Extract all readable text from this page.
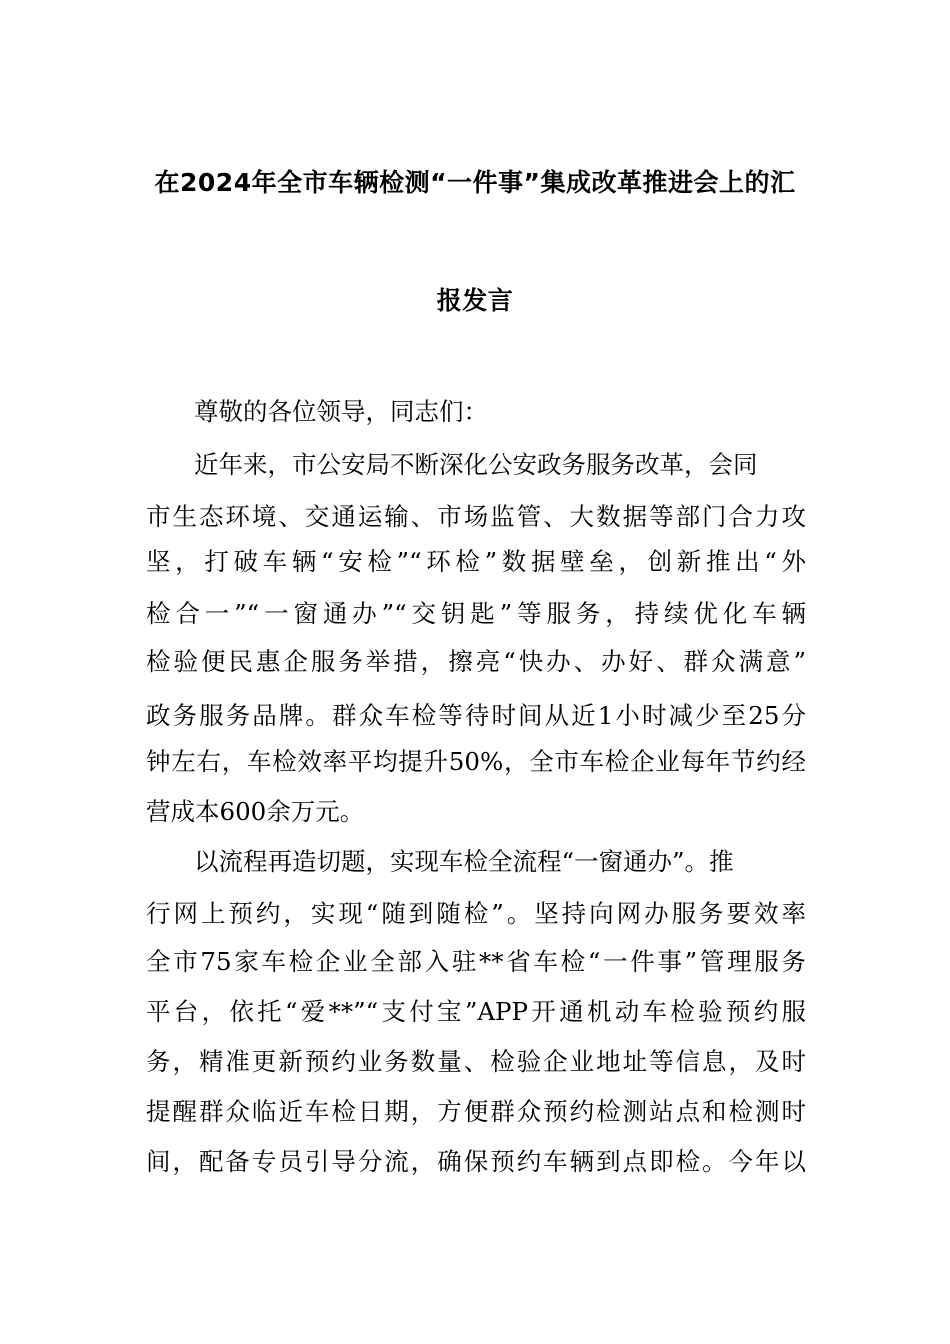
在2024年全市车辆检测“一件事”集成改革推进会上的汇
报发言
尊敬的各位领导，同志们：
近年来，市公安局不断深化公安政务服务改革，会同
市生态环境、交通运输、市场监管、大数据等部门合力攻
坚，打破车辆“安检”“环检”数据壁垒，创新推出“外
检合一”“一窗通办”“交钥匙”等服务，持续优化车辆
检验便民惠企服务举措，擦亮“快办、办好、群众满意”
政务服务品牌。群众车检等待时间从近1小时减少至25分
钟左右，车检效率平均提升50%，全市车检企业每年节约经
营成本600余万元。
以流程再造切题，实现车检全流程“一窗通办”。推
行网上预约，实现“随到随检”。坚持向网办服务要效率
全市75家车检企业全部入驻**省车检“一件事”管理服务
平台，依托“爱**”“支付宝”APP开通机动车检验预约服
务，精准更新预约业务数量、检验企业地址等信息，及时
提醒群众临近车检日期，方便群众预约检测站点和检测时
间，配备专员引导分流，确保预约车辆到点即检。今年以
